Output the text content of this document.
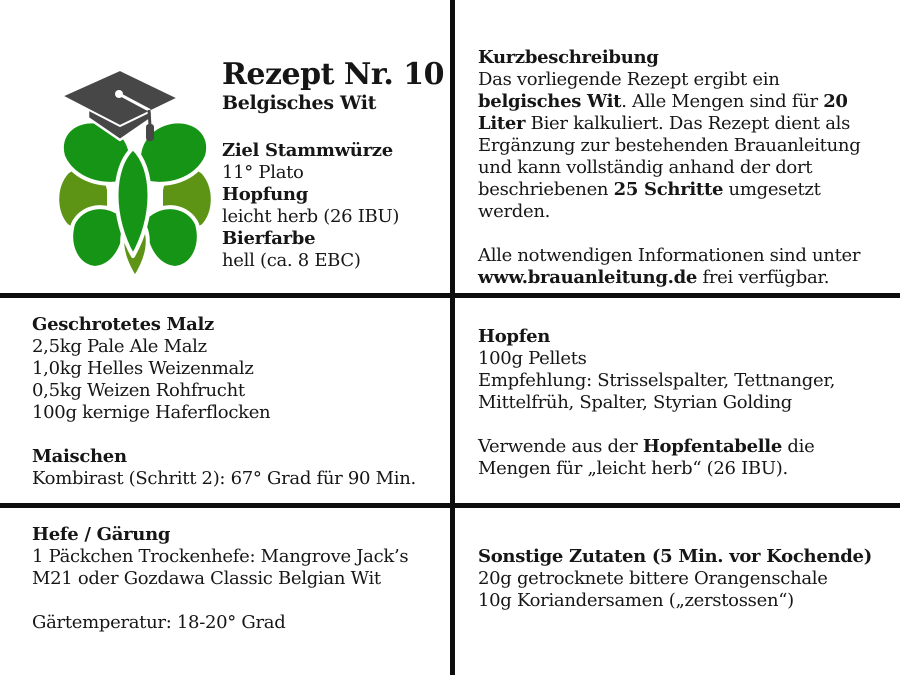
Rezept Nr. 10
Belgisches Wit
Ziel Stammwürze
11° Plato
Hopfung
leicht herb (26 IBU)
Bierfarbe
hell (ca. 8 EBC)
Kurzbeschreibung

Das vorliegende Rezept ergibt ein belgisches Wit. Alle Mengen sind für 20 Liter Bier kalkuliert. Das Rezept dient als Ergänzung zur bestehenden Brauanleitung und kann vollständig anhand der dort beschriebenen 25 Schritte umgesetzt werden.

Alle notwendigen Informationen sind unter www.brauanleitung.de frei verfügbar.

Geschrotetes Malz
2,5kg Pale Ale Malz
1,0kg Helles Weizenmalz
0,5kg Weizen Rohfrucht
100g kernige Haferflocken
Maischen
Kombirast (Schritt 2): 67° Grad für 90 Min.
Hopfen
100g Pellets

Empfehlung: Strisselspalter, Tettnanger, Mittelfrüh, Spalter, Styrian Golding

Verwende aus der Hopfentabelle die Mengen für „leicht herb“ (26 IBU).

Hefe / Gärung

1 Päckchen Trockenhefe: Mangrove Jack’s M21 oder Gozdawa Classic Belgian Wit

Gärtemperatur: 18-20° Grad
Sonstige Zutaten (5 Min. vor Kochende)
20g getrocknete bittere Orangenschale
10g Koriandersamen („zerstossen“)
